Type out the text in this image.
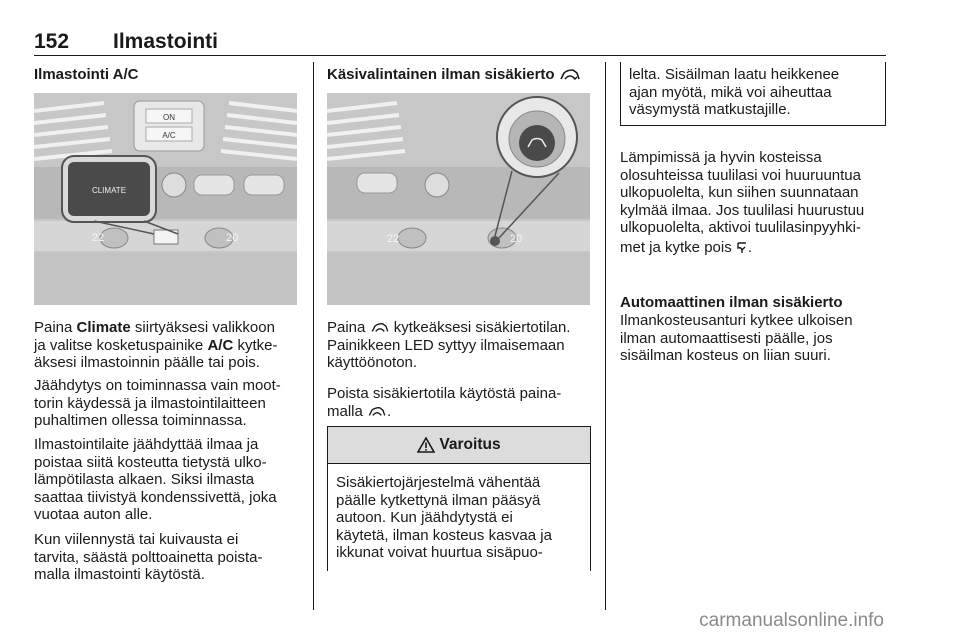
152 Ilmastointi
Ilmastointi A/C
ON
A/C
22	20
CLIMATE
Paina Climate siirtyäksesi valikkoon
ja valitse kosketuspainike A/C kytke-
äksesi ilmastoinnin päälle tai pois.
Jäähdytys on toiminnassa vain moot-
torin käydessä ja ilmastointilaitteen
puhaltimen ollessa toiminnassa.
Ilmastointilaite jäähdyttää ilmaa ja
poistaa siitä kosteutta tietystä ulko-
lämpötilasta alkaen. Siksi ilmasta
saattaa tiivistyä kondenssivettä, joka
vuotaa auton alle.
Kun viilennystä tai kuivausta ei
tarvita, säästä polttoainetta poista-
malla ilmastointi käytöstä.
Käsivalintainen ilman sisäkierto
22	20
Paina  kytkeäksesi sisäkiertotilan.
Painikkeen LED syttyy ilmaisemaan
käyttöönoton.
Poista sisäkiertotila käytöstä paina-
malla .
Varoitus
Sisäkiertojärjestelmä vähentää
päälle kytkettynä ilman pääsyä
autoon. Kun jäähdytystä ei
käytetä, ilman kosteus kasvaa ja
ikkunat voivat huurtua sisäpuo-
lelta. Sisäilman laatu heikkenee
ajan myötä, mikä voi aiheuttaa
väsymystä matkustajille.
Lämpimissä ja hyvin kosteissa
olosuhteissa tuulilasi voi huuruuntua
ulkopuolelta, kun siihen suunnataan
kylmää ilmaa. Jos tuulilasi huurustuu
ulkopuolelta, aktivoi tuulilasinpyyhki-
met ja kytke pois .
Automaattinen ilman sisäkierto
Ilmankosteusanturi kytkee ulkoisen
ilman automaattisesti päälle, jos
sisäilman kosteus on liian suuri.
carmanualsonline.info
